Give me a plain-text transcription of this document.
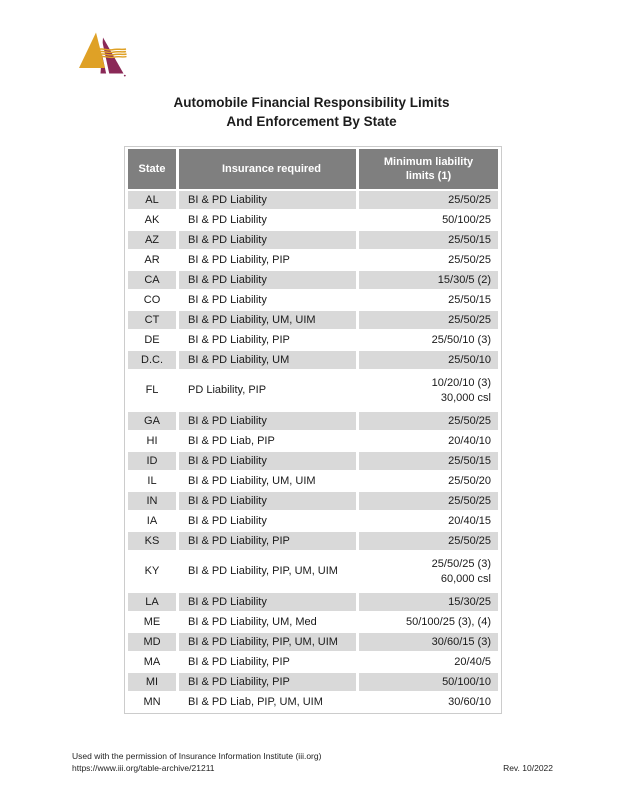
Automobile Financial Responsibility Limits
And Enforcement By State
State	Insurance required	Minimum liability limits (1)
AL	BI & PD Liability	25/50/25
AK	BI & PD Liability	50/100/25
AZ	BI & PD Liability	25/50/15
AR	BI & PD Liability, PIP	25/50/25
CA	BI & PD Liability	15/30/5 (2)
CO	BI & PD Liability	25/50/15
CT	BI & PD Liability, UM, UIM	25/50/25
DE	BI & PD Liability, PIP	25/50/10 (3)
D.C.	BI & PD Liability, UM	25/50/10
FL	PD Liability, PIP	10/20/10 (3)
30,000 csl

GA	BI & PD Liability	25/50/25
HI	BI & PD Liab, PIP	20/40/10
ID	BI & PD Liability	25/50/15
IL	BI & PD Liability, UM, UIM	25/50/20
IN	BI & PD Liability	25/50/25
IA	BI & PD Liability	20/40/15
KS	BI & PD Liability, PIP	25/50/25
KY	BI & PD Liability, PIP, UM, UIM	25/50/25 (3)
60,000 csl

LA	BI & PD Liability	15/30/25
ME	BI & PD Liability, UM, Med	50/100/25 (3), (4)
MD	BI & PD Liability, PIP, UM, UIM	30/60/15 (3)
MA	BI & PD Liability, PIP	20/40/5
MI	BI & PD Liability, PIP	50/100/10
MN	BI & PD Liab, PIP, UM, UIM	30/60/10
Used with the permission of Insurance Information Institute (iii.org)
https://www.iii.org/table-archive/21211	Rev. 10/2022
